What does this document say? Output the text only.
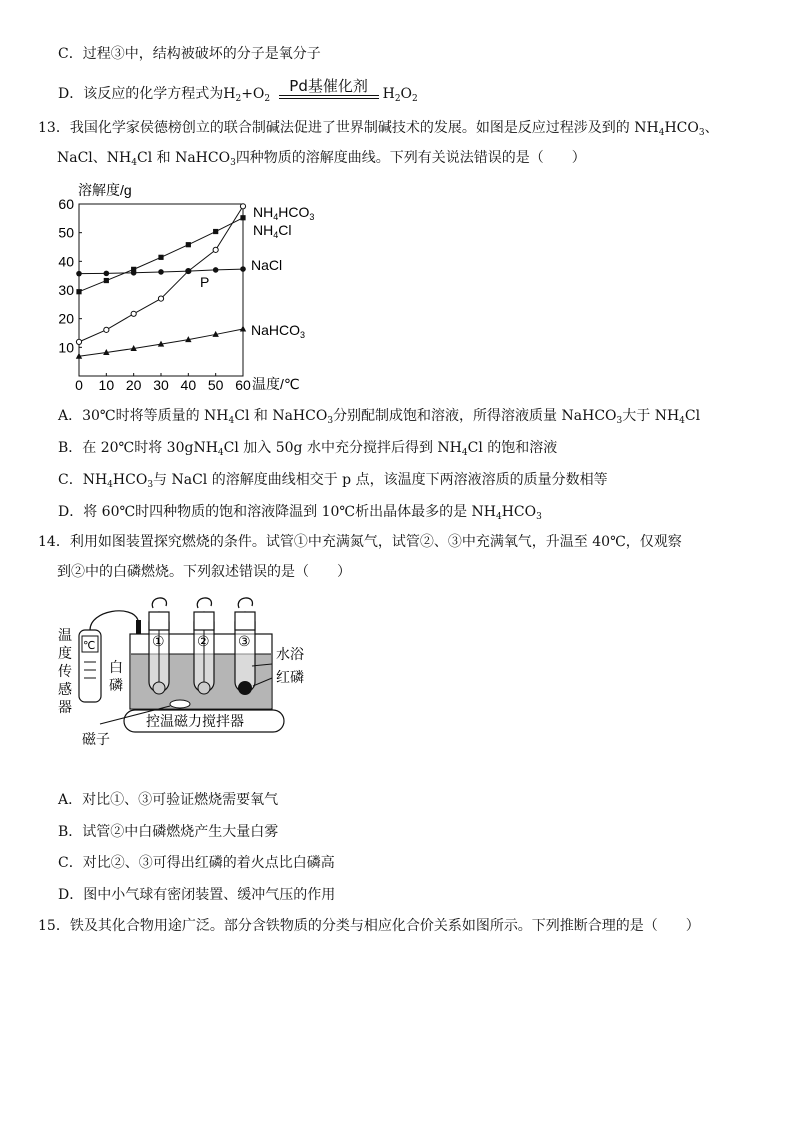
C．过程③中，结构被破坏的分子是氧分子
D．该反应的化学方程式为$H_2+O_2$
Pd基催化剂	$H_2O_2$
13．我国化学家侯德榜创立的联合制碱法促进了世界制碱技术的发展。如图是反应过程涉及到的 $NH_4HCO_3$、
NaCl、$NH_4Cl$ 和 NaHCO$_3$四种物质的溶解度曲线。下列有关说法错误的是（　　）
溶解度/g
温度/℃
P
0 10 20 30 40 50 60
10
20
30
40
50
60	$NH_4HCO_3$
$NH_4Cl$
NaCl
NaHCO$_3$
A．30℃时将等质量的 $NH_4Cl$ 和 NaHCO$_3$分别配制成饱和溶液，所得溶液质量 NaHCO$_3$大于 $NH_4Cl$
B．在 20℃时将 30gNH$_4$Cl 加入 50g 水中充分搅拌后得到 $NH_4Cl$ 的饱和溶液
C．$NH_4HCO_3$与 NaCl 的溶解度曲线相交于 p 点，该温度下两溶液溶质的质量分数相等
D．将 60℃时四种物质的饱和溶液降温到 10℃析出晶体最多的是 $NH_4HCO_3$
14．利用如图装置探究燃烧的条件。试管①中充满氮气，试管②、③中充满氧气，升温至 40℃，仅观察
到②中的白磷燃烧。下列叙述错误的是（　　）
温
度
传
感
器
℃	① ② ③
白
磷
水浴
红磷
控温磁力搅拌器
磁子
A．对比①、③可验证燃烧需要氧气
B．试管②中白磷燃烧产生大量白雾
C．对比②、③可得出红磷的着火点比白磷高
D．图中小气球有密闭装置、缓冲气压的作用
15．铁及其化合物用途广泛。部分含铁物质的分类与相应化合价关系如图所示。下列推断合理的是（　　）
